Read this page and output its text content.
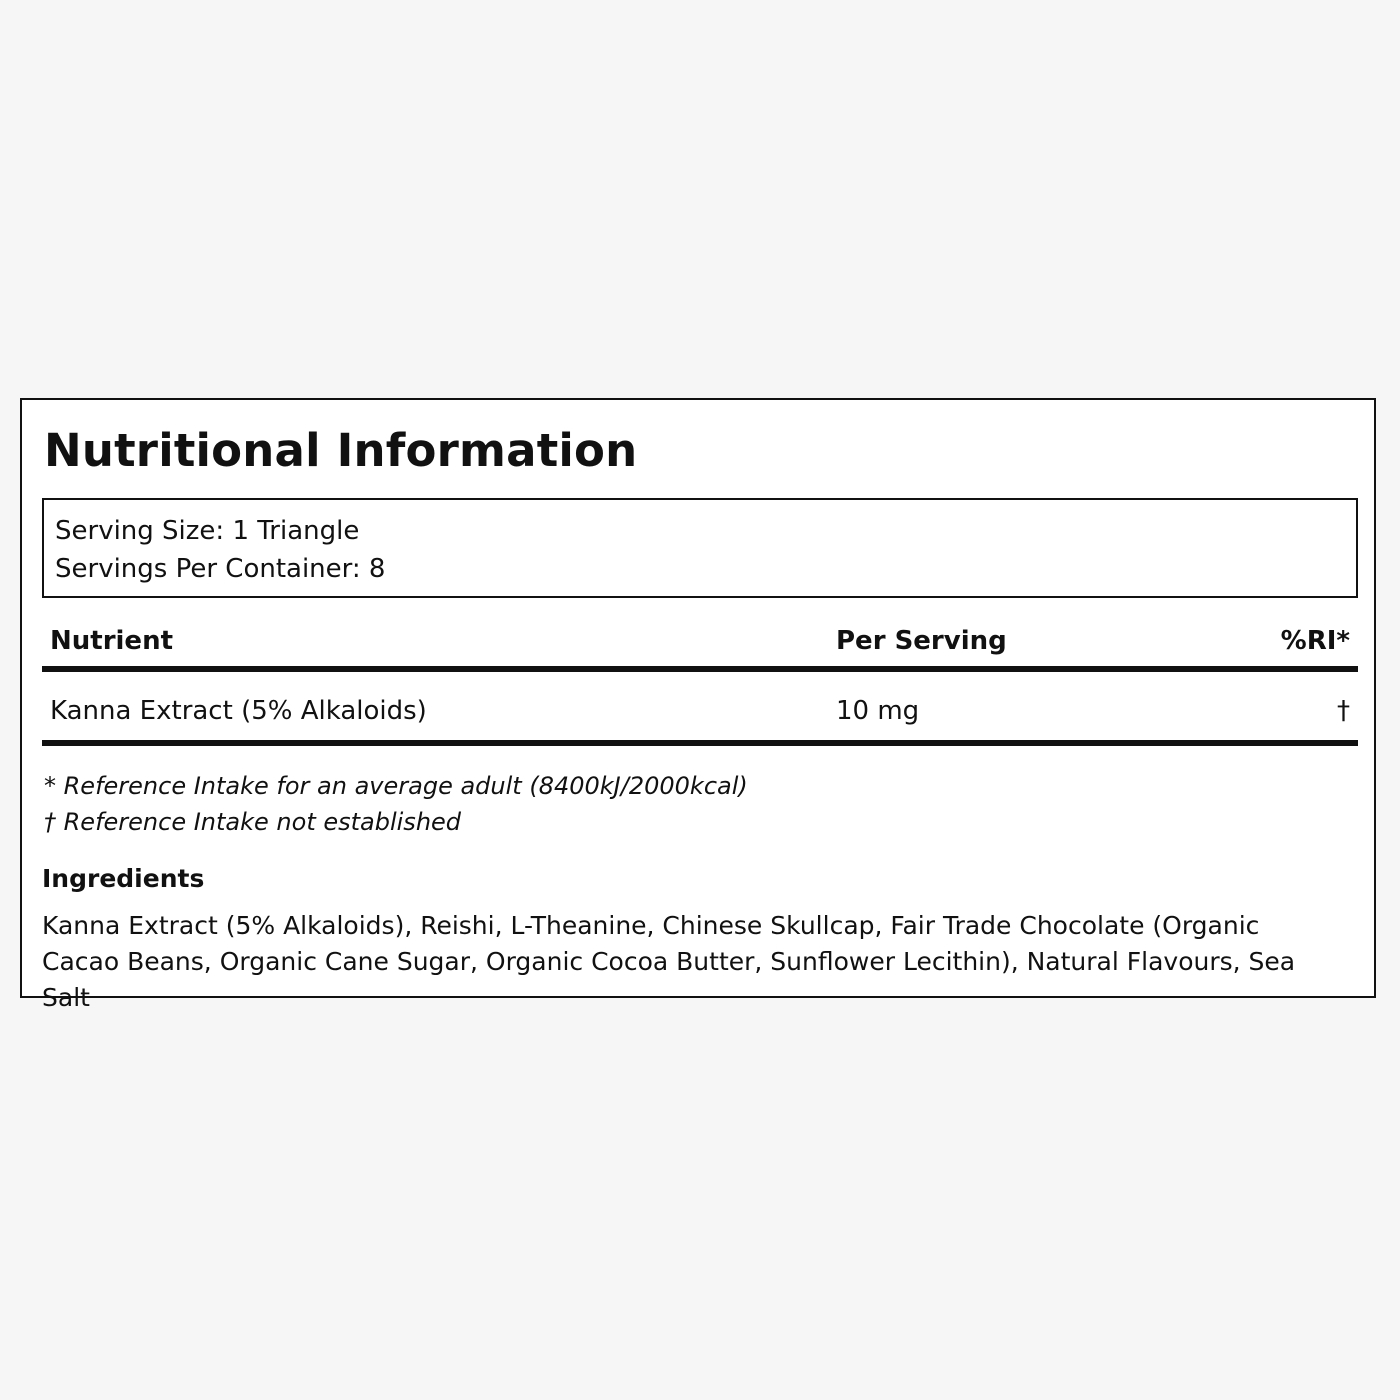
Nutritional Information
Serving Size: 1 Triangle
Servings Per Container: 8
Nutrient	Per Serving	%RI*
Kanna Extract (5% Alkaloids)	10 mg	†
* Reference Intake for an average adult (8400kJ/2000kcal)
† Reference Intake not established
Ingredients
Kanna Extract (5% Alkaloids), Reishi, L-Theanine, Chinese Skullcap, Fair Trade Chocolate (Organic Cacao Beans, Organic Cane Sugar, Organic Cocoa Butter, Sunflower Lecithin), Natural Flavours, Sea Salt
